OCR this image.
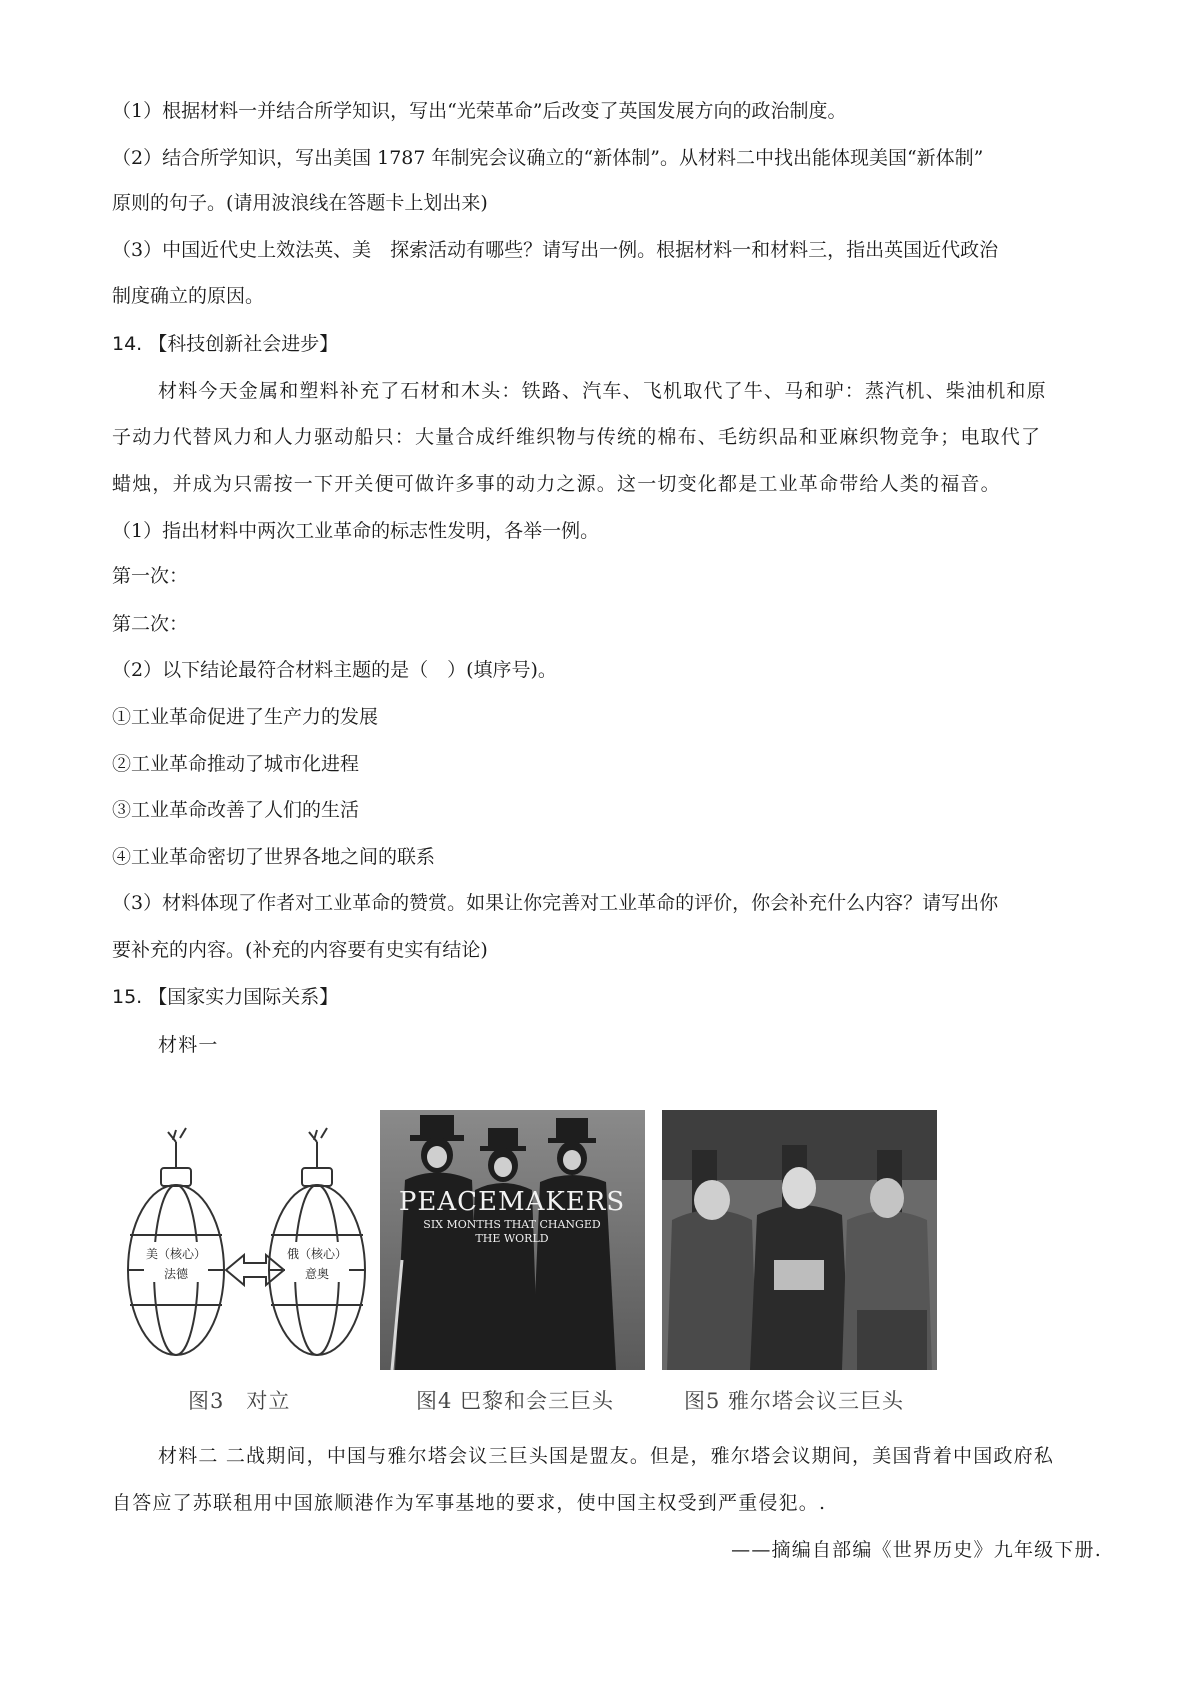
（1）根据材料一并结合所学知识，写出“光荣革命”后改变了英国发展方向的政治制度。
（2）结合所学知识，写出美国 1787 年制宪会议确立的“新体制”。从材料二中找出能体现美国“新体制”
原则的句子。(请用波浪线在答题卡上划出来)
（3）中国近代史上效法英、美　探索活动有哪些？请写出一例。根据材料一和材料三，指出英国近代政治
制度确立的原因。
14. 【科技创新社会进步】
材料今天金属和塑料补充了石材和木头：铁路、汽车、飞机取代了牛、马和驴：蒸汽机、柴油机和原
子动力代替风力和人力驱动船只：大量合成纤维织物与传统的棉布、毛纺织品和亚麻织物竞争；电取代了
蜡烛，并成为只需按一下开关便可做许多事的动力之源。这一切变化都是工业革命带给人类的福音。
（1）指出材料中两次工业革命的标志性发明，各举一例。
第一次：
第二次：
（2）以下结论最符合材料主题的是（　）(填序号)。
①工业革命促进了生产力的发展
②工业革命推动了城市化进程
③工业革命改善了人们的生活
④工业革命密切了世界各地之间的联系
（3）材料体现了作者对工业革命的赞赏。如果让你完善对工业革命的评价，你会补充什么内容？请写出你
要补充的内容。(补充的内容要有史实有结论)
15. 【国家实力国际关系】
材料一
美（核心）
法德
俄（核心）
意奥
PEACEMAKERS
SIX MONTHS THAT CHANGED
THE WORLD
图3　对立	图4 巴黎和会三巨头	图5 雅尔塔会议三巨头
材料二 二战期间，中国与雅尔塔会议三巨头国是盟友。但是，雅尔塔会议期间，美国背着中国政府私
自答应了苏联租用中国旅顺港作为军事基地的要求，使中国主权受到严重侵犯。.
——摘编自部编《世界历史》九年级下册.
